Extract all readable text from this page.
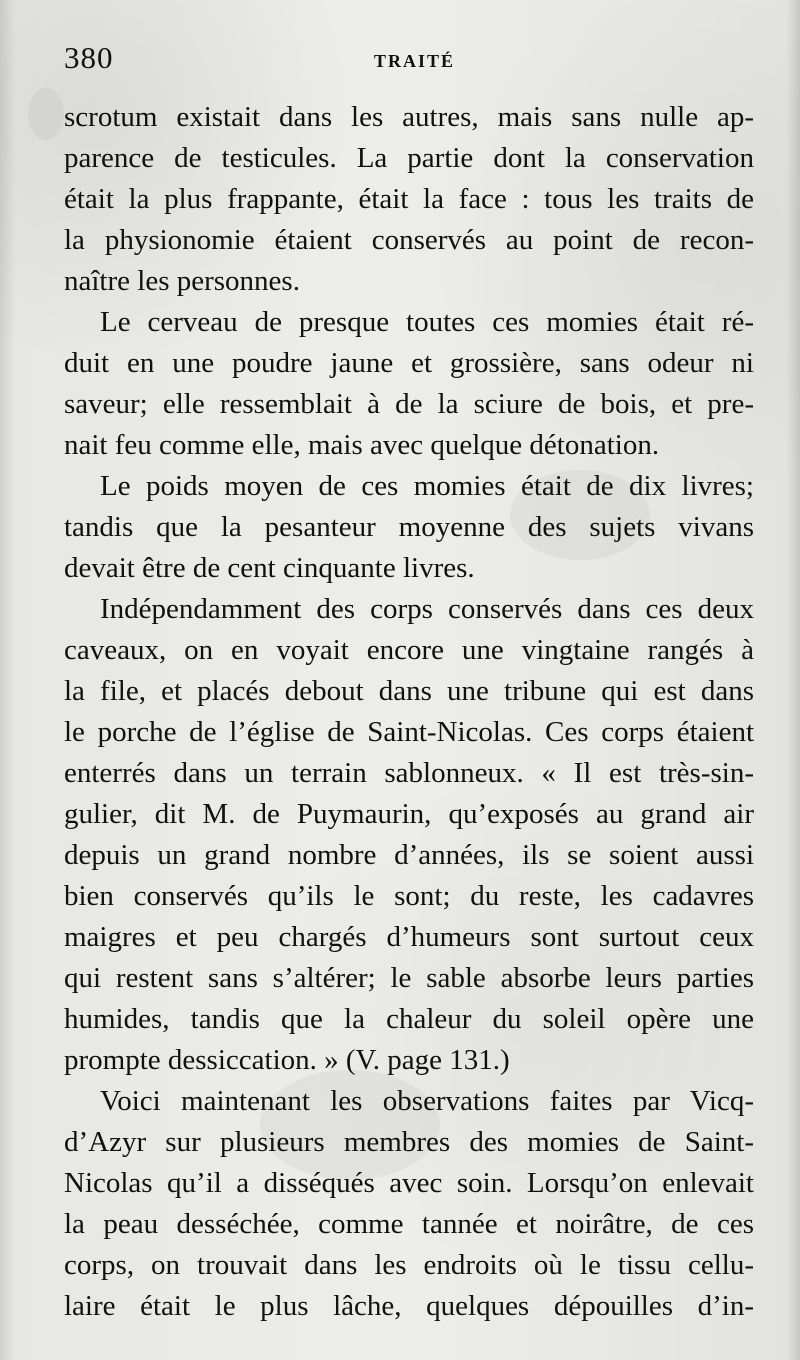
380	TRAITÉ
scrotum existait dans les autres, mais sans nulle ap-
parence de testicules. La partie dont la conservation
était la plus frappante, était la face : tous les traits de
la physionomie étaient conservés au point de recon-
naître les personnes.
Le cerveau de presque toutes ces momies était ré-
duit en une poudre jaune et grossière, sans odeur ni
saveur; elle ressemblait à de la sciure de bois, et pre-
nait feu comme elle, mais avec quelque détonation.
Le poids moyen de ces momies était de dix livres;
tandis que la pesanteur moyenne des sujets vivans
devait être de cent cinquante livres.
Indépendamment des corps conservés dans ces deux
caveaux, on en voyait encore une vingtaine rangés à
la file, et placés debout dans une tribune qui est dans
le porche de l’église de Saint-Nicolas. Ces corps étaient
enterrés dans un terrain sablonneux. « Il est très-sin-
gulier, dit M. de Puymaurin, qu’exposés au grand air
depuis un grand nombre d’années, ils se soient aussi
bien conservés qu’ils le sont; du reste, les cadavres
maigres et peu chargés d’humeurs sont surtout ceux
qui restent sans s’altérer; le sable absorbe leurs parties
humides, tandis que la chaleur du soleil opère une
prompte dessiccation. » (V. page 131.)
Voici maintenant les observations faites par Vicq-
d’Azyr sur plusieurs membres des momies de Saint-
Nicolas qu’il a disséqués avec soin. Lorsqu’on enlevait
la peau desséchée, comme tannée et noirâtre, de ces
corps, on trouvait dans les endroits où le tissu cellu-
laire était le plus lâche, quelques dépouilles d’in-
